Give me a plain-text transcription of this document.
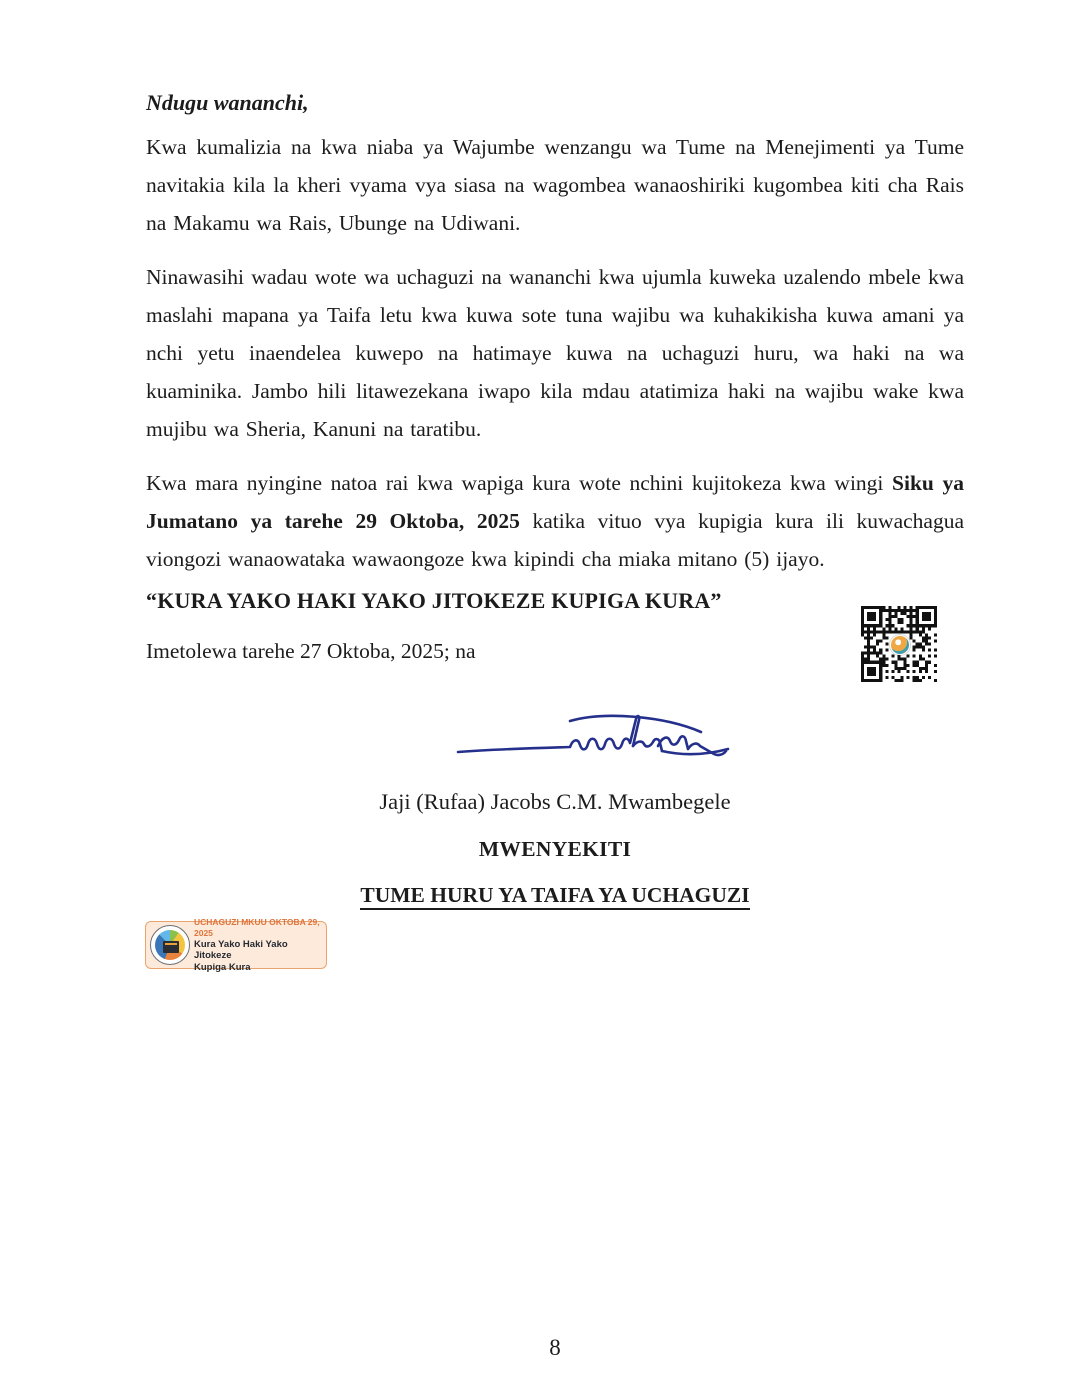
Ndugu wananchi,

Kwa kumalizia na kwa niaba ya Wajumbe wenzangu wa Tume na Menejimenti ya Tume navitakia kila la kheri vyama vya siasa na wagombea wanaoshiriki kugombea kiti cha Rais na Makamu wa Rais, Ubunge na Udiwani.

Ninawasihi wadau wote wa uchaguzi na wananchi kwa ujumla kuweka uzalendo mbele kwa maslahi mapana ya Taifa letu kwa kuwa sote tuna wajibu wa kuhakikisha kuwa amani ya nchi yetu inaendelea kuwepo na hatimaye kuwa na uchaguzi huru, wa haki na wa kuaminika. Jambo hili litawezekana iwapo kila mdau atatimiza haki na wajibu wake kwa mujibu wa Sheria, Kanuni na taratibu.

Kwa mara nyingine natoa rai kwa wapiga kura wote nchini kujitokeza kwa wingi Siku ya Jumatano ya tarehe 29 Oktoba, 2025 katika vituo vya kupigia kura ili kuwachagua viongozi wanaowataka wawaongoze kwa kipindi cha miaka mitano (5) ijayo.

“KURA YAKO HAKI YAKO JITOKEZE KUPIGA KURA”

Imetolewa tarehe 27 Oktoba, 2025; na

Jaji (Rufaa) Jacobs C.M. Mwambegele

MWENYEKITI

TUME HURU YA TAIFA YA UCHAGUZI

UCHAGUZI MKUU OKTOBA 29, 2025
Kura Yako Haki Yako Jitokeze
Kupiga Kura

8
